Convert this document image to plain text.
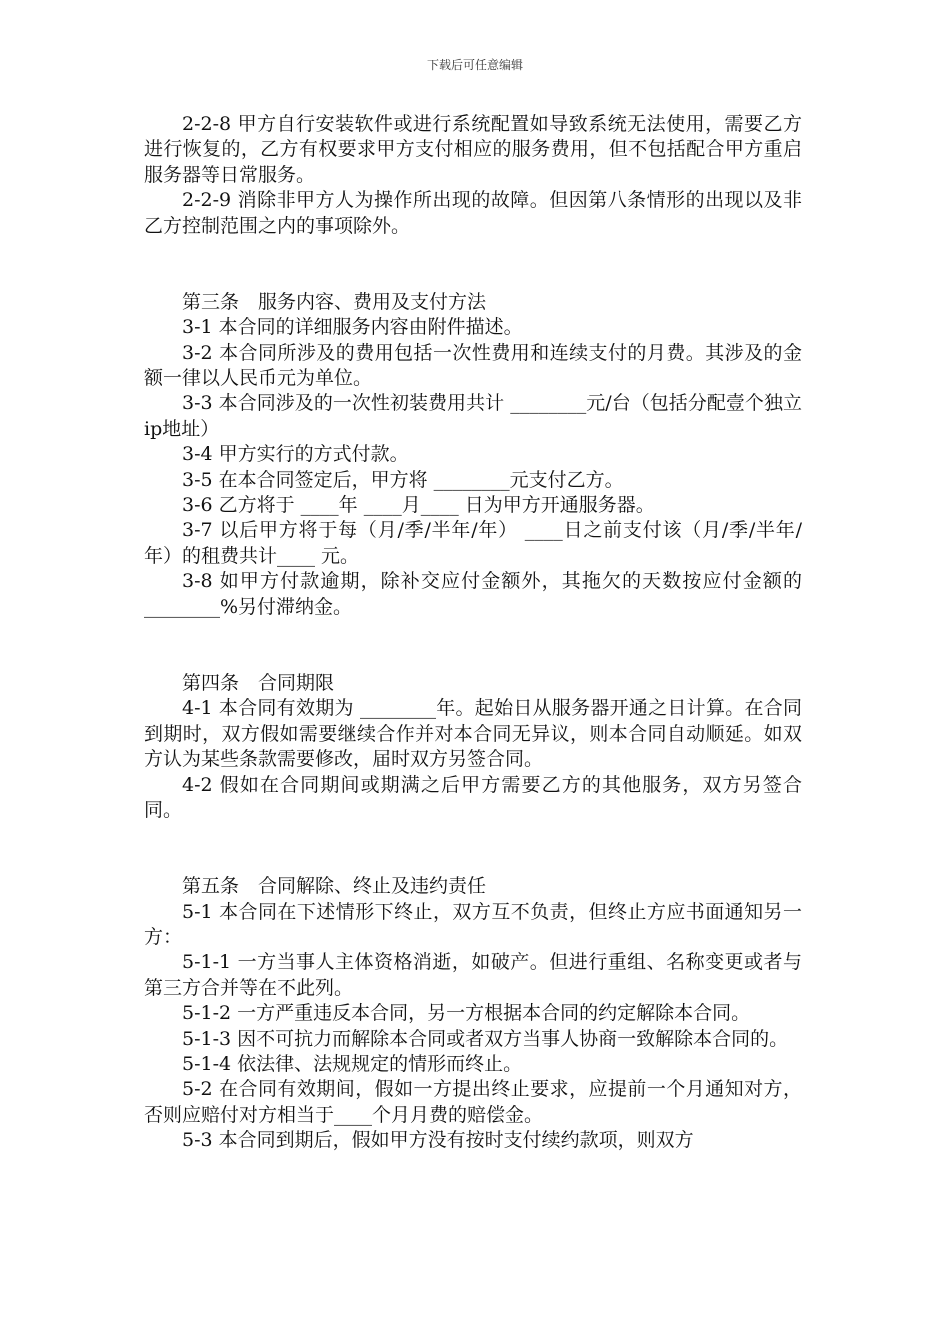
下载后可任意编辑

2-2-8 甲方自行安装软件或进行系统配置如导致系统无法使用，需要乙方进行恢复的，乙方有权要求甲方支付相应的服务费用，但不包括配合甲方重启服务器等日常服务。

2-2-9 消除非甲方人为操作所出现的故障。但因第八条情形的出现以及非乙方控制范围之内的事项除外。

第三条　服务内容、费用及支付方法

3-1 本合同的详细服务内容由附件描述。

3-2 本合同所涉及的费用包括一次性费用和连续支付的月费。其涉及的金额一律以人民币元为单位。

3-3 本合同涉及的一次性初装费用共计 ________元/台（包括分配壹个独立ip地址）

3-4 甲方实行的方式付款。

3-5 在本合同签定后，甲方将 ________元支付乙方。

3-6 乙方将于 ____年 ____月____ 日为甲方开通服务器。

3-7 以后甲方将于每（月/季/半年/年） ____日之前支付该（月/季/半年/年）的租费共计____ 元。

3-8 如甲方付款逾期，除补交应付金额外，其拖欠的天数按应付金额的________%另付滞纳金。

第四条　合同期限

4-1 本合同有效期为 ________年。起始日从服务器开通之日计算。在合同到期时，双方假如需要继续合作并对本合同无异议，则本合同自动顺延。如双方认为某些条款需要修改，届时双方另签合同。

4-2 假如在合同期间或期满之后甲方需要乙方的其他服务，双方另签合同。

第五条　合同解除、终止及违约责任

5-1 本合同在下述情形下终止，双方互不负责，但终止方应书面通知另一方：

5-1-1 一方当事人主体资格消逝，如破产。但进行重组、名称变更或者与第三方合并等在不此列。

5-1-2 一方严重违反本合同，另一方根据本合同的约定解除本合同。

5-1-3 因不可抗力而解除本合同或者双方当事人协商一致解除本合同的。

5-1-4 依法律、法规规定的情形而终止。

5-2 在合同有效期间，假如一方提出终止要求，应提前一个月通知对方，否则应赔付对方相当于____个月月费的赔偿金。

5-3 本合同到期后，假如甲方没有按时支付续约款项，则双方
